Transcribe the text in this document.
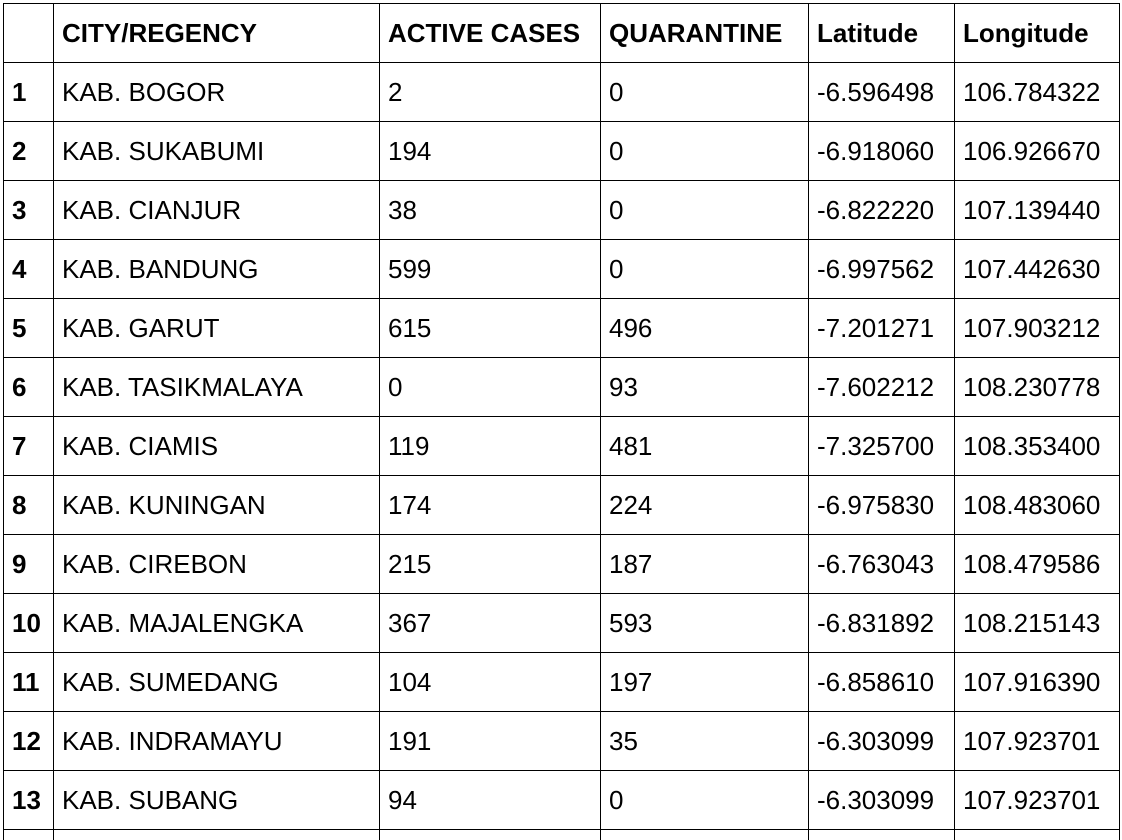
	CITY/REGENCY	ACTIVE CASES	QUARANTINE	Latitude	Longitude
1	KAB. BOGOR	2	0	-6.596498	106.784322
2	KAB. SUKABUMI	194	0	-6.918060	106.926670
3	KAB. CIANJUR	38	0	-6.822220	107.139440
4	KAB. BANDUNG	599	0	-6.997562	107.442630
5	KAB. GARUT	615	496	-7.201271	107.903212
6	KAB. TASIKMALAYA	0	93	-7.602212	108.230778
7	KAB. CIAMIS	119	481	-7.325700	108.353400
8	KAB. KUNINGAN	174	224	-6.975830	108.483060
9	KAB. CIREBON	215	187	-6.763043	108.479586
10	KAB. MAJALENGKA	367	593	-6.831892	108.215143
11	KAB. SUMEDANG	104	197	-6.858610	107.916390
12	KAB. INDRAMAYU	191	35	-6.303099	107.923701
13	KAB. SUBANG	94	0	-6.303099	107.923701
